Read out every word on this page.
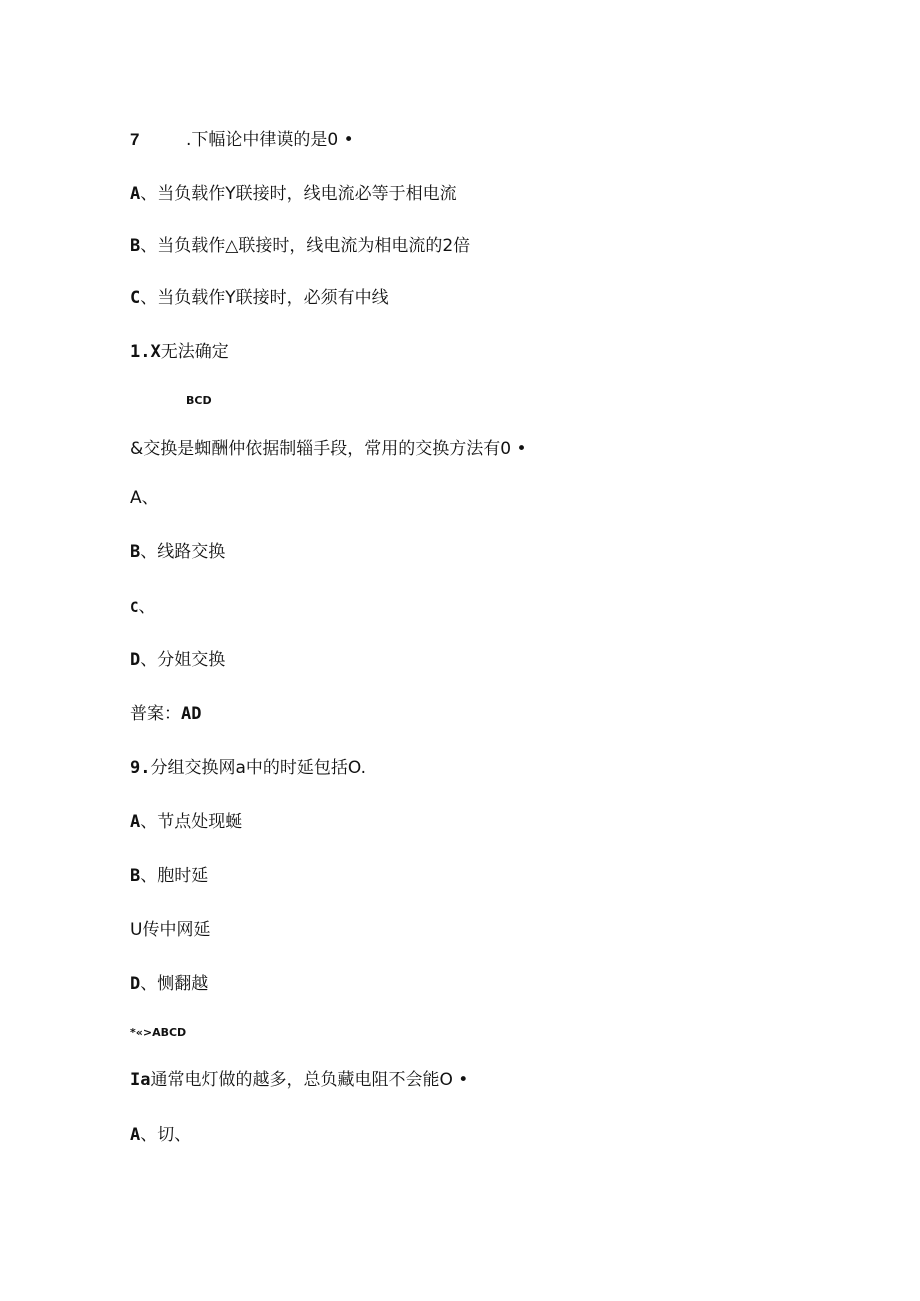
7	.下幅论中律谟的是0 •
A、当负载作Y联接时，线电流必等于相电流
B、当负载作△联接时，线电流为相电流的2倍
C、当负载作Y联接时，必须有中线
1.X无法确定
BCD
&交换是蜘酬仲依据制辎手段，常用的交换方法有0 •
A、
B、线路交换
C、
D、分姐交换
普案：AD
9.分组交换网a中的时延包括O.
A、节点处现蜒
B、胞时延
U传中网延
D、恻翻越
*«>ABCD
Ia通常电灯做的越多，总负藏电阻不会能O •
A、切、
